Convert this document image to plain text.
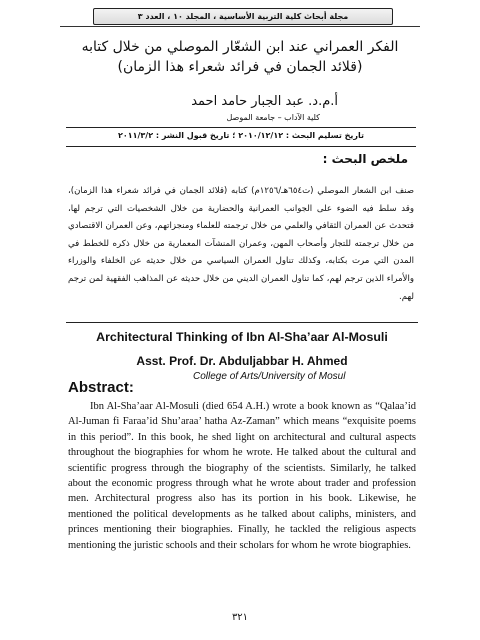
مجلة أبحاث كلية التربية الأساسية ، المجلد ١٠ ، العدد ٣
الفكر العمراني عند ابن الشعّار الموصلي من خلال كتابه
(قلائد الجمان في فرائد شعراء هذا الزمان)
أ.م.د. عبد الجبار حامد احمد
كلية الآداب – جامعة الموصل
تاريخ تسليم البحث : ٢٠١٠/١٢/١٢ ؛ تاريخ قبول النشر : ٢٠١١/٣/٢
ملخص البحث :
صنف ابن الشعار الموصلي (ت٦٥٤هـ/١٢٥٦م) كتابه (قلائد الجمان في فرائد شعراء هذا الزمان)، وقد سلط فيه الضوء على الجوانب العمرانية والحضارية من خلال الشخصيات التي ترجم لها، فتحدث عن العمران الثقافي والعلمي من خلال ترجمته للعلماء ومنجزاتهم، وعن العمران الاقتصادي من خلال ترجمته للتجار وأصحاب المهن، وعمران المنشآت المعمارية من خلال ذكره للخطط في المدن التي مرت بكتابه، وكذلك تناول العمران السياسي من خلال حديثه عن الخلفاء والوزراء والأمراء الذين ترجم لهم، كما تناول العمران الديني من خلال حديثه عن المذاهب الفقهية لمن ترجم لهم.
Architectural Thinking of Ibn Al-Sha’aar Al-Mosuli
Asst. Prof. Dr. Abduljabbar H. Ahmed
College of Arts/University of Mosul
Abstract:

Ibn Al-Sha’aar Al-Mosuli (died 654 A.H.) wrote a book known as “Qalaa’id Al-Juman fi Faraa’id Shu’araa’ hatha Az-Zaman” which means “exquisite poems in this period”. In this book, he shed light on architectural and cultural aspects throughout the biographies for whom he wrote. He talked about the cultural and scientific progress through the biography of the scientists. Similarly, he talked about the economic progress through what he wrote about trader and profession men. Architectural progress also has its portion in his book. Likewise, he mentioned the political developments as he talked about caliphs, ministers, and princes mentioning their biographies. Finally, he tackled the religious aspects mentioning the juristic schools and their scholars for whom he wrote biographies.

٣٢١
